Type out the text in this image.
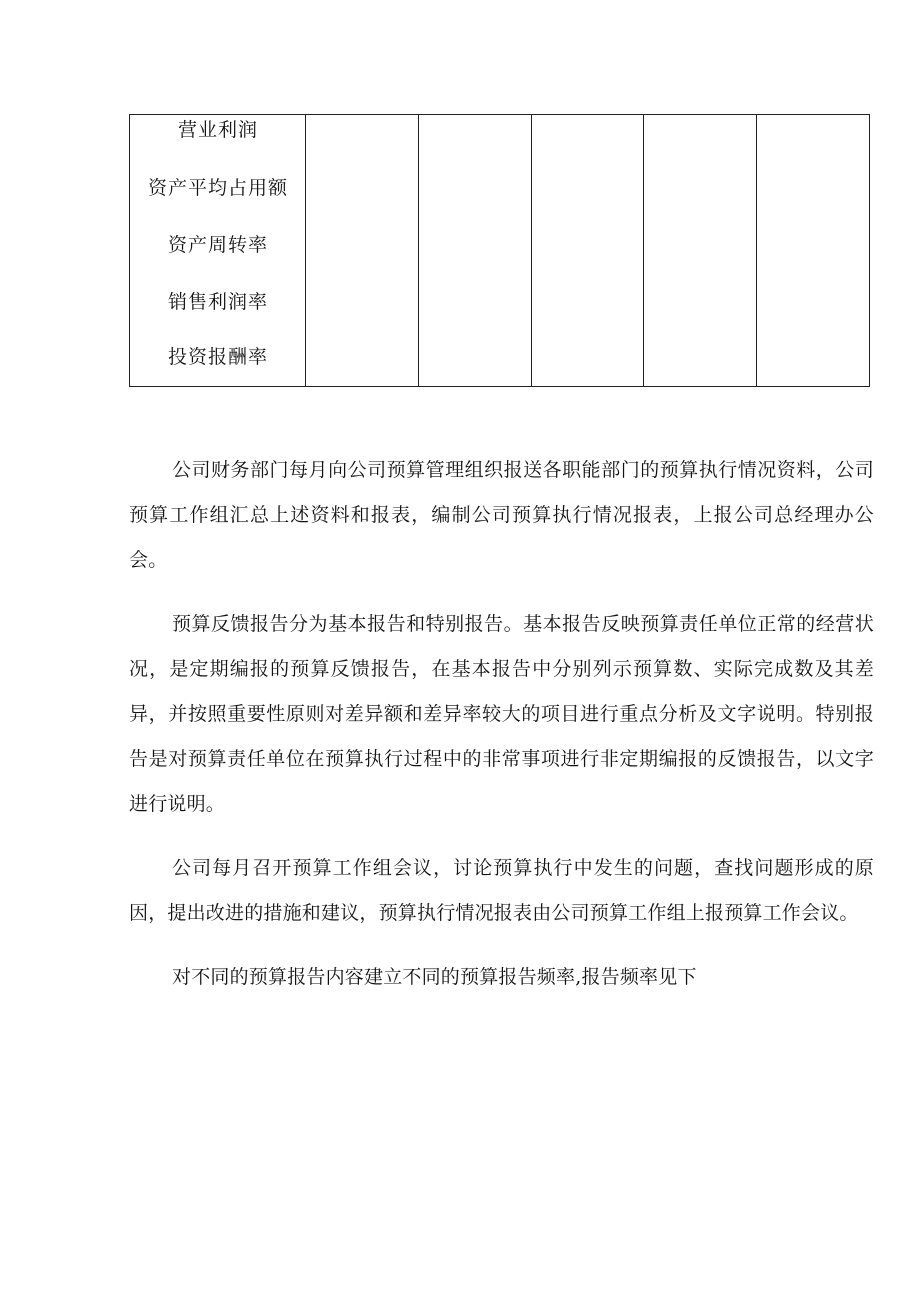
营业利润
资产平均占用额
资产周转率
销售利润率
投资报酬率

公司财务部门每月向公司预算管理组织报送各职能部门的预算执行情况资料，公司预算工作组汇总上述资料和报表，编制公司预算执行情况报表，上报公司总经理办公会。

预算反馈报告分为基本报告和特别报告。基本报告反映预算责任单位正常的经营状况，是定期编报的预算反馈报告，在基本报告中分别列示预算数、实际完成数及其差异，并按照重要性原则对差异额和差异率较大的项目进行重点分析及文字说明。特别报告是对预算责任单位在预算执行过程中的非常事项进行非定期编报的反馈报告，以文字进行说明。

公司每月召开预算工作组会议，讨论预算执行中发生的问题，查找问题形成的原因，提出改进的措施和建议，预算执行情况报表由公司预算工作组上报预算工作会议。

对不同的预算报告内容建立不同的预算报告频率,报告频率见下
